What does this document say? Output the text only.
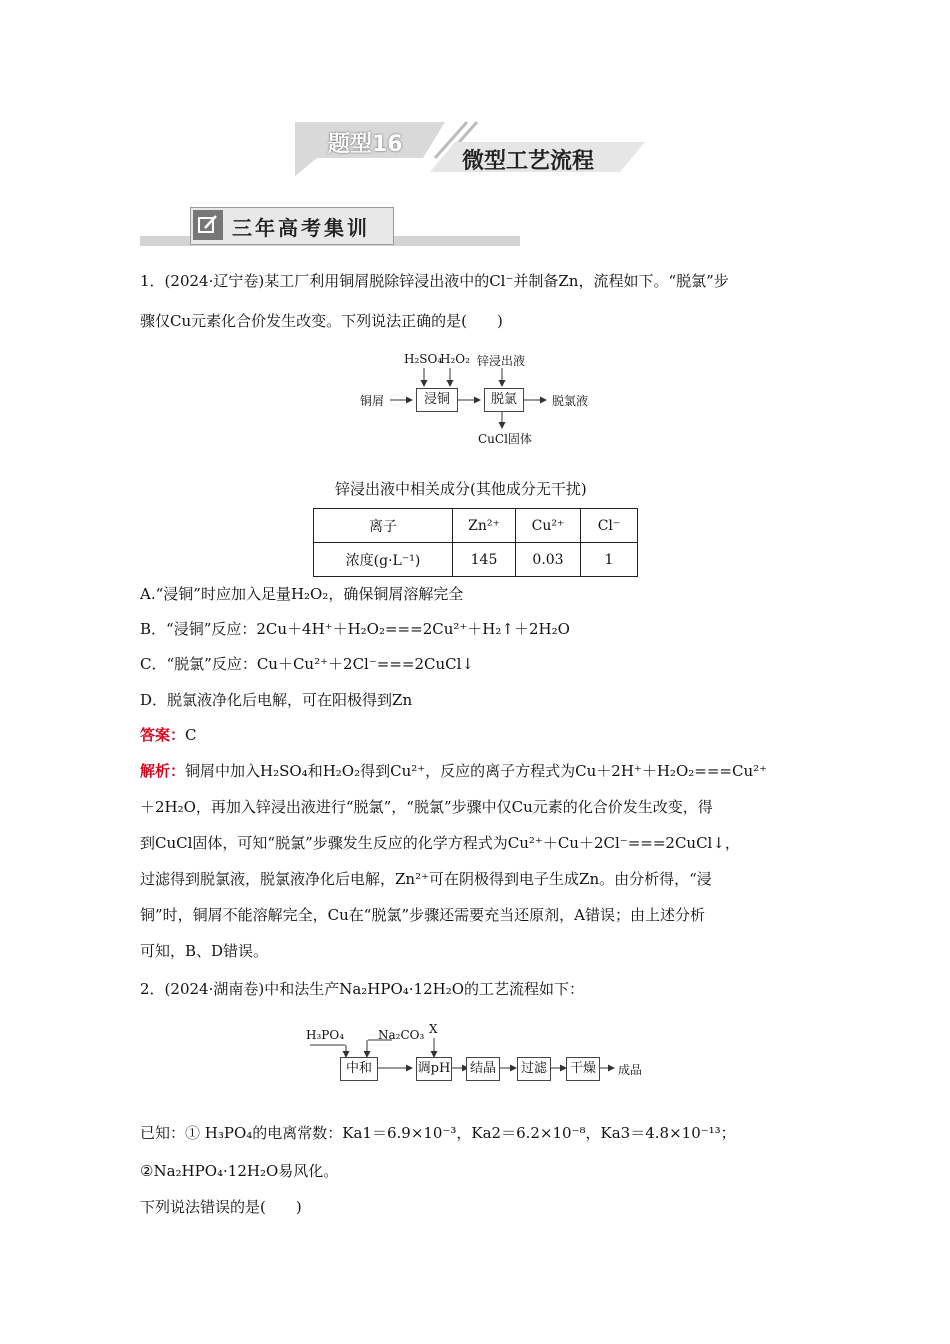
题型16
微型工艺流程
三年高考集训
1．(2024·辽宁卷)某工厂利用铜屑脱除锌浸出液中的Cl⁻并制备Zn，流程如下。“脱氯”步
骤仅Cu元素化合价发生改变。下列说法正确的是(　　)
H₂SO₄
H₂O₂ 锌浸出液
铜屑	浸铜	脱氯	脱氯液
CuCl固体
锌浸出液中相关成分(其他成分无干扰)
离子	Zn²⁺	Cu²⁺	Cl⁻
浓度(g·L⁻¹)	145	0.03	1
A.“浸铜”时应加入足量H₂O₂，确保铜屑溶解完全
B．“浸铜”反应：2Cu＋4H⁺＋H₂O₂===2Cu²⁺＋H₂↑＋2H₂O
C．“脱氯”反应：Cu＋Cu²⁺＋2Cl⁻===2CuCl↓
D．脱氯液净化后电解，可在阳极得到Zn
答案：C
解析：铜屑中加入H₂SO₄和H₂O₂得到Cu²⁺，反应的离子方程式为Cu＋2H⁺＋H₂O₂===Cu²⁺
＋2H₂O，再加入锌浸出液进行“脱氯”，“脱氯”步骤中仅Cu元素的化合价发生改变，得
到CuCl固体，可知“脱氯”步骤发生反应的化学方程式为Cu²⁺＋Cu＋2Cl⁻===2CuCl↓，
过滤得到脱氯液，脱氯液净化后电解，Zn²⁺可在阴极得到电子生成Zn。由分析得，“浸
铜”时，铜屑不能溶解完全，Cu在“脱氯”步骤还需要充当还原剂，A错误；由上述分析
可知，B、D错误。
2．(2024·湖南卷)中和法生产Na₂HPO₄·12H₂O的工艺流程如下：
H₃PO₄	Na₂CO₃ X
中和	调pH	结晶	过滤	干燥	成品
已知：① H₃PO₄的电离常数：Ka1＝6.9×10⁻³，Ka2＝6.2×10⁻⁸，Ka3＝4.8×10⁻¹³；
②Na₂HPO₄·12H₂O易风化。
下列说法错误的是(　　)
